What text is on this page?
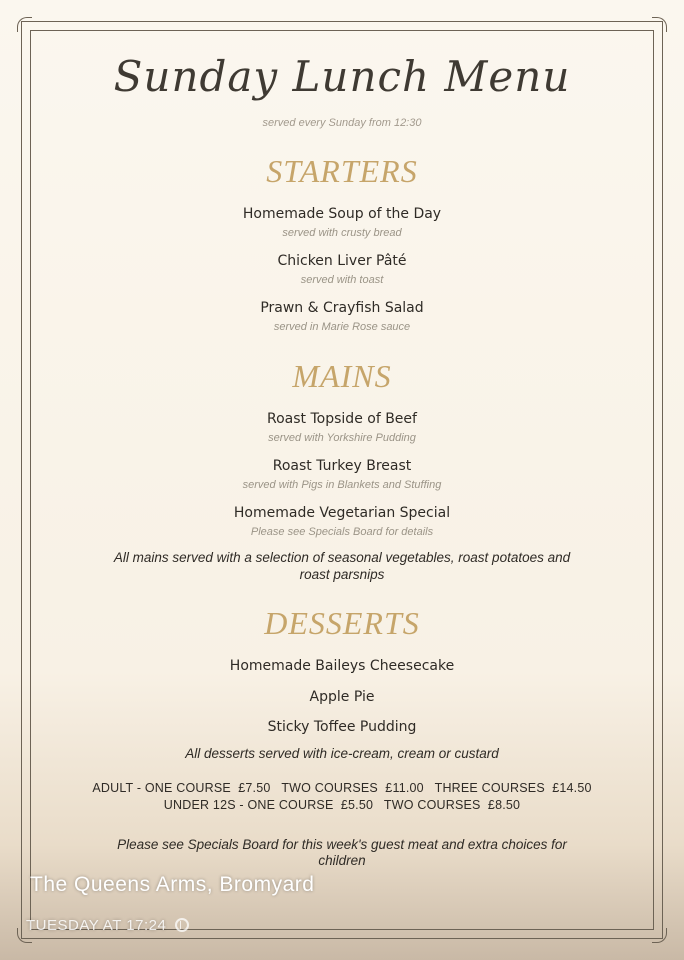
Sunday Lunch Menu
served every Sunday from 12:30
STARTERS
Homemade Soup of the Day
served with crusty bread
Chicken Liver Pâté
served with toast
Prawn & Crayfish Salad
served in Marie Rose sauce
MAINS
Roast Topside of Beef
served with Yorkshire Pudding
Roast Turkey Breast
served with Pigs in Blankets and Stuffing
Homemade Vegetarian Special
Please see Specials Board for details
All mains served with a selection of seasonal vegetables, roast potatoes and
roast parsnips
DESSERTS
Homemade Baileys Cheesecake
Apple Pie
Sticky Toffee Pudding
All desserts served with ice-cream, cream or custard
ADULT - ONE COURSE  £7.50   TWO COURSES  £11.00   THREE COURSES  £14.50
UNDER 12S - ONE COURSE  £5.50   TWO COURSES  £8.50
Please see Specials Board for this week's guest meat and extra choices for
children
The Queens Arms, Bromyard
TUESDAY AT 17:24
